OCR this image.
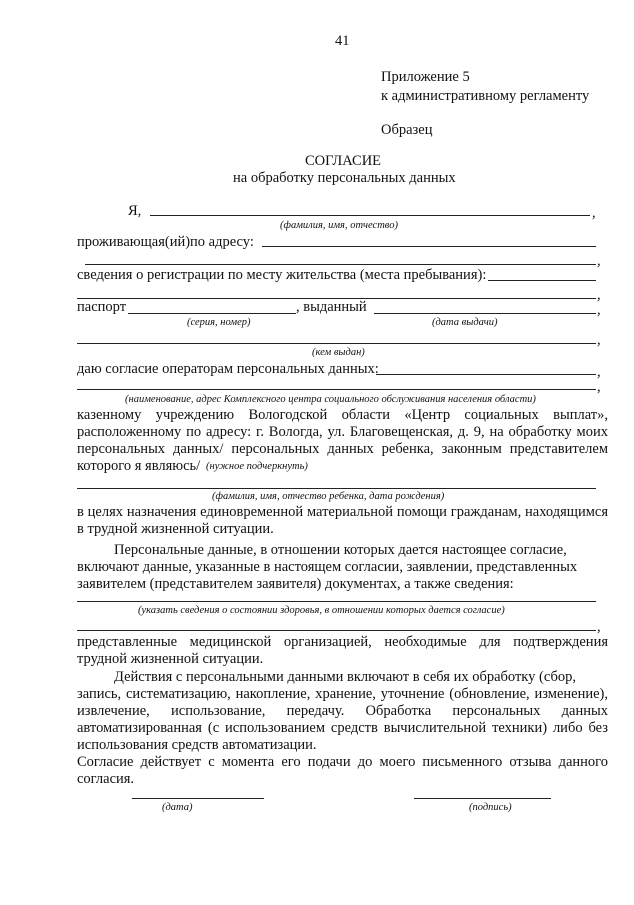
41
Приложение 5
к административному регламенту
Образец
СОГЛАСИЕ
на обработку персональных данных
Я,	,
(фамилия, имя, отчество)
проживающая(ий)по адресу:
,
сведения о регистрации по месту жительства (места пребывания):
,
паспорт	, выданный	,
(серия, номер)	(дата выдачи)
,
(кем выдан)
даю согласие операторам персональных данных:	,
,
(наименование, адрес Комплексного центра социального обслуживания населения области)
казенному учреждению Вологодской области «Центр социальных выплат»,
расположенному по адресу: г. Вологда, ул. Благовещенская, д. 9, на обработку моих
персональных данных/ персональных данных ребенка, законным представителем
которого я являюсь/ (нужное подчеркнуть)
(фамилия, имя, отчество ребенка, дата рождения)
в целях назначения единовременной материальной помощи гражданам, находящимся
в трудной жизненной ситуации.
Персональные данные, в отношении которых дается настоящее согласие,
включают данные, указанные в настоящем согласии, заявлении, представленных
заявителем (представителем заявителя) документах, а также сведения:
(указать сведения о состоянии здоровья, в отношении которых дается согласие)
,
представленные медицинской организацией, необходимые для подтверждения
трудной жизненной ситуации.
Действия с персональными данными включают в себя их обработку (сбор,
запись, систематизацию, накопление, хранение, уточнение (обновление, изменение),
извлечение, использование, передачу. Обработка персональных данных
автоматизированная (с использованием средств вычислительной техники) либо без
использования средств автоматизации.
Согласие действует с момента его подачи до моего письменного отзыва данного
согласия.
(дата)	(подпись)
